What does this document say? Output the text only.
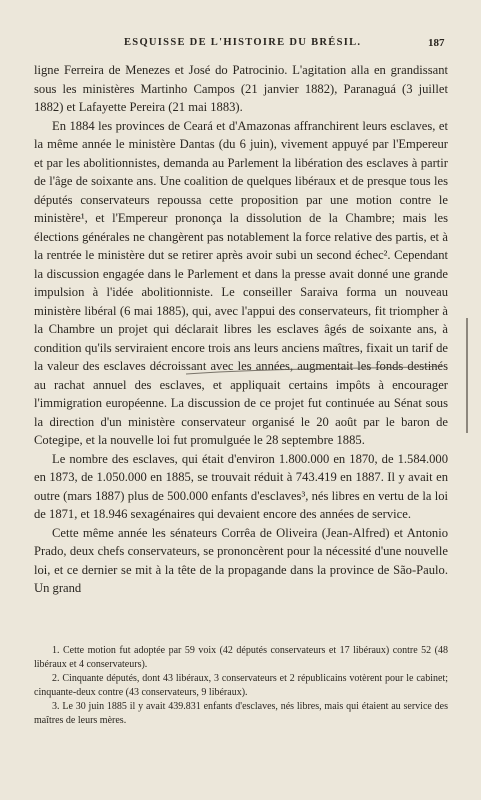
ESQUISSE DE L'HISTOIRE DU BRÉSIL.	187

ligne Ferreira de Menezes et José do Patrocinio. L'agitation alla en grandissant sous les ministères Martinho Campos (21 janvier 1882), Paranaguá (3 juillet 1882) et Lafayette Pereira (21 mai 1883).

En 1884 les provinces de Ceará et d'Amazonas affranchirent leurs esclaves, et la même année le ministère Dantas (du 6 juin), vivement appuyé par l'Empereur et par les abolitionnistes, demanda au Parlement la libération des esclaves à partir de l'âge de soixante ans. Une coalition de quelques libéraux et de presque tous les députés conservateurs repoussa cette proposition par une motion contre le ministère¹, et l'Empereur prononça la dissolution de la Chambre; mais les élections générales ne changèrent pas notablement la force relative des partis, et à la rentrée le ministère dut se retirer après avoir subi un second échec². Cependant la discussion engagée dans le Parlement et dans la presse avait donné une grande impulsion à l'idée abolitionniste. Le conseiller Saraiva forma un nouveau ministère libéral (6 mai 1885), qui, avec l'appui des conservateurs, fit triompher à la Chambre un projet qui déclarait libres les esclaves âgés de soixante ans, à condition qu'ils serviraient encore trois ans leurs anciens maîtres, fixait un tarif de la valeur des esclaves décroissant avec les années, augmentait les fonds destinés au rachat annuel des esclaves, et appliquait certains impôts à encourager l'immigration européenne. La discussion de ce projet fut continuée au Sénat sous la direction d'un ministère conservateur organisé le 20 août par le baron de Cotegipe, et la nouvelle loi fut promulguée le 28 septembre 1885.

Le nombre des esclaves, qui était d'environ 1.800.000 en 1870, de 1.584.000 en 1873, de 1.050.000 en 1885, se trouvait réduit à 743.419 en 1887. Il y avait en outre (mars 1887) plus de 500.000 enfants d'esclaves³, nés libres en vertu de la loi de 1871, et 18.946 sexagénaires qui devaient encore des années de service.

Cette même année les sénateurs Corrêa de Oliveira (Jean-Alfred) et Antonio Prado, deux chefs conservateurs, se prononcèrent pour la nécessité d'une nouvelle loi, et ce dernier se mit à la tête de la propagande dans la province de São-Paulo. Un grand

1. Cette motion fut adoptée par 59 voix (42 députés conservateurs et 17 libéraux) contre 52 (48 libéraux et 4 conservateurs).

2. Cinquante députés, dont 43 libéraux, 3 conservateurs et 2 républicains votèrent pour le cabinet; cinquante-deux contre (43 conservateurs, 9 libéraux).

3. Le 30 juin 1885 il y avait 439.831 enfants d'esclaves, nés libres, mais qui étaient au service des maîtres de leurs mères.
